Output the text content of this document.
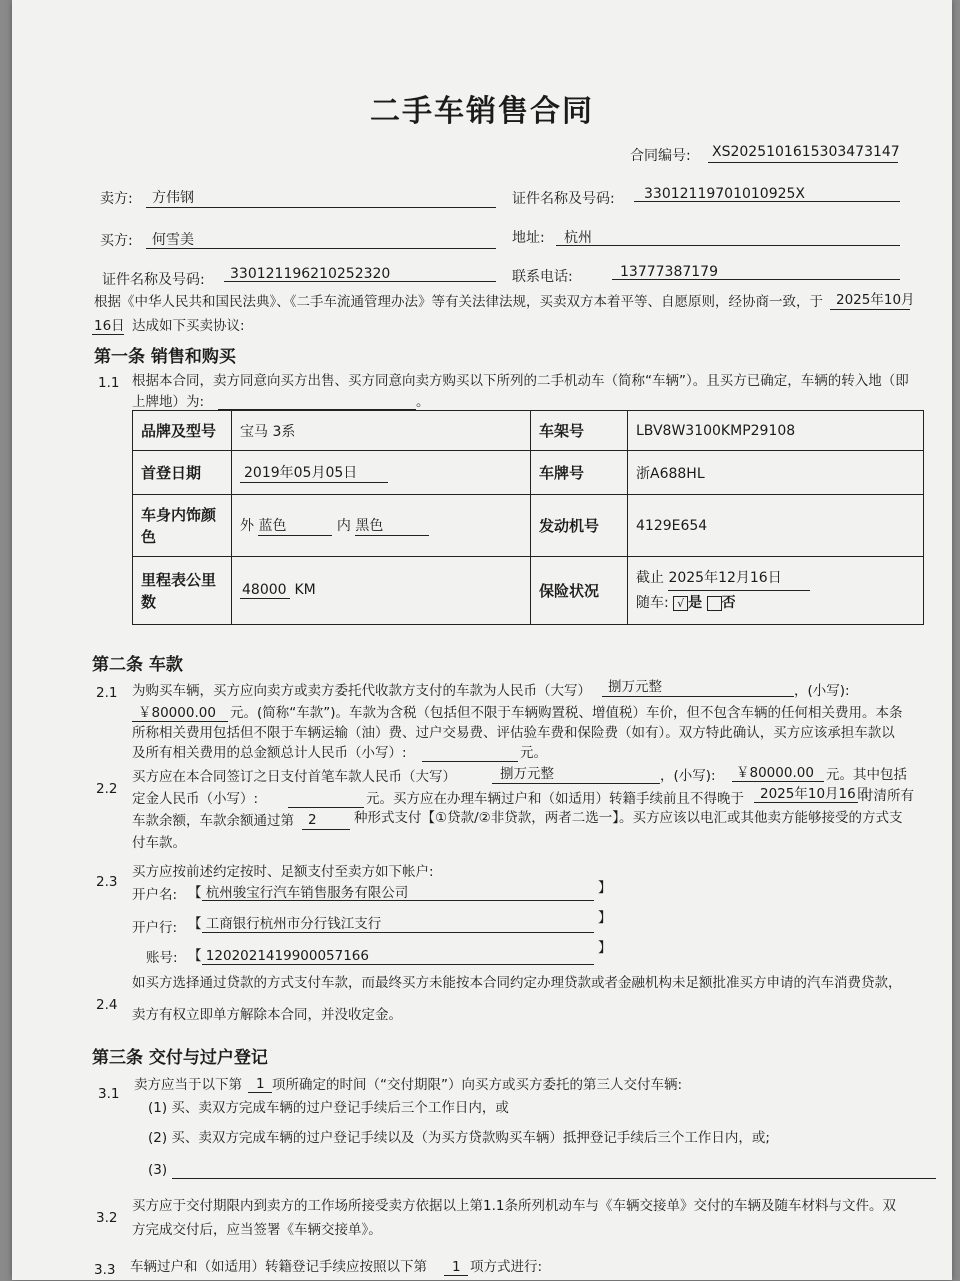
二手车销售合同
合同编号: XS20251016153034731​47
卖方: 方伟钢	证件名称及号码: 33012119701010925X
买方: 何雪美	地址: 杭州
证件名称及号码: 330121196210252320	联系电话:	13777387179
根据《中华人民共和国民法典》、《二手车流通管理办法》等有关法律法规，买卖双方本着平等、自愿原则，经协商一致，于 2025年10月
16日 达成如下买卖协议:
第一条 销售和购买
1.1 根据本合同，卖方同意向买方出售、买方同意向卖方购买以下所列的二手机动车（简称“车辆”）。且买方已确定，车辆的转入地（即
上牌地）为:	。
品牌及型号	宝马 3系	车架号	LBV8W3100KMP29108
首登日期	2019年05月05日	车牌号	浙A688HL
车身内饰颜
色	外 蓝色 内 黑色	发动机号	4129E654
里程表公里
数	48000 KM	保险状况	截止 2025年12月16日
随车: √ 是 否
第二条 车款
2.1 为购买车辆，买方应向卖方或卖方委托代收款方支付的车款为人民币（大写） 捌万元整	，(小写):
￥80000.00 元。(简称“车款”)。车款为含税（包括但不限于车辆购置税、增值税）车价，但不包含车辆的任何相关费用。本条
所称相关费用包括但不限于车辆运输（油）费、过户交易费、评估验车费和保险费（如有）。双方特此确认，买方应该承担车款以
及所有相关费用的总金额总计人民币（小写）:	元。
2.2
买方应在本合同签订之日支付首笔车款人民币（大写）	捌万元整	，(小写): ￥80000.00 元。其中包括
定金人民币（小写）:	元。买方应在办理车辆过户和（如适用）转籍手续前且不得晚于 2025年10月16日
付清所有
车款余额，车款余额通过第 2	种形式支付【①贷款/②非贷款，两者二选一】。买方应该以电汇或其他卖方能够接受的方式支
付车款。
2.3
买方应按前述约定按时、足额支付至卖方如下帐户:
开户名: 【 杭州骏宝行汽车销售服务有限公司	】
开户行: 【 工商银行杭州市分行钱江支行	】
账号: 【 1202021419900057166	】
2.4
如买方选择通过贷款的方式支付车款，而最终买方未能按本合同约定办理贷款或者金融机构未足额批准买方申请的汽车消费贷款，
卖方有权立即单方解除本合同，并没收定金。
第三条 交付与过户登记
3.1
卖方应当于以下第 1 项所确定的时间（“交付期限”）向买方或买方委托的第三人交付车辆:
(1) 买、卖双方完成车辆的过户登记手续后三个工作日内，或
(2) 买、卖双方完成车辆的过户登记手续以及（为买方贷款购买车辆）抵押登记手续后三个工作日内，或;
(3)
3.2
买方应于交付期限内到卖方的工作场所接受卖方依据以上第1.1条所列机动车与《车辆交接单》交付的车辆及随车材料与文件。双
方完成交付后，应当签署《车辆交接单》。
3.3 车辆过户和（如适用）转籍登记手续应按照以下第 1 项方式进行:
